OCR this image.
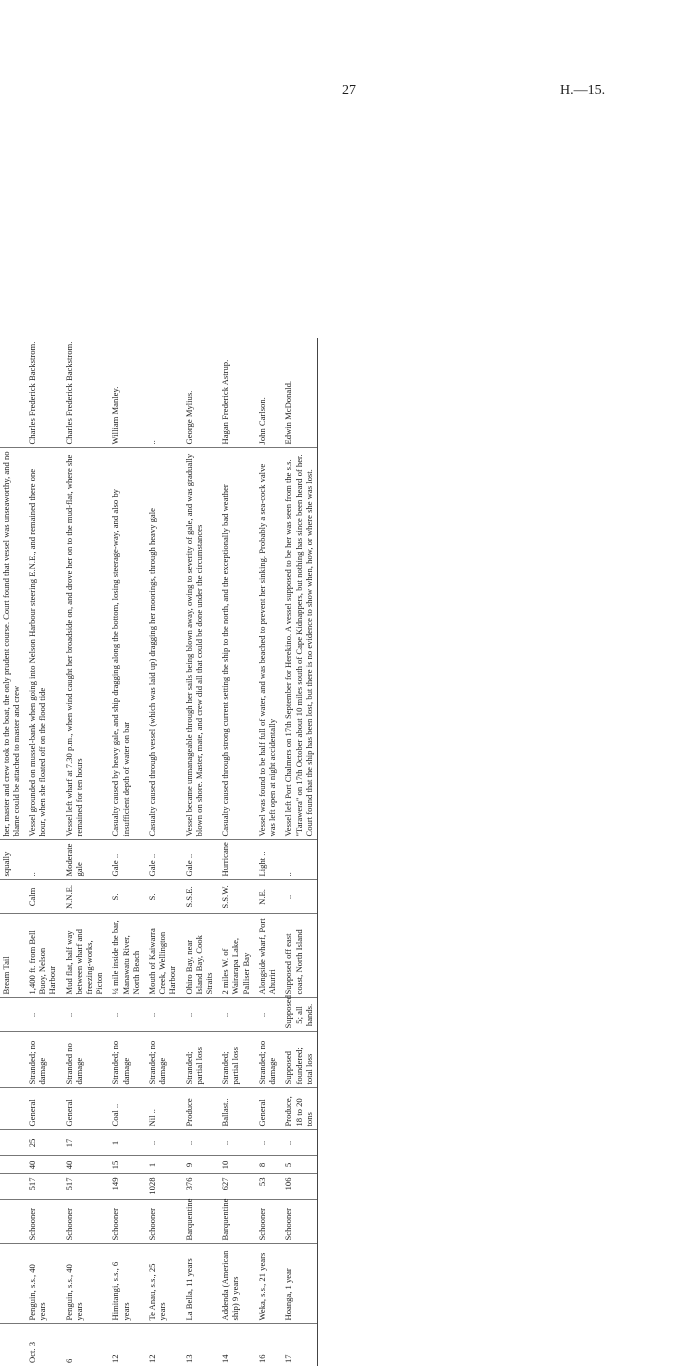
27	H.—15.

									Bream Tail		squally	her, master and crew took to the boat, the only prudent course. Court found that vessel was unseaworthy, and no blame could be attached to master and crew	
Oct. 3	Penguin, s.s., 40 years	Schooner	517	40	25	General	Stranded; no damage	..	1,400 ft. from Bell Buoy, Nelson Harbour	Calm	..	Vessel grounded on mussel-bank when going into Nelson Harbour steering E.N.E., and remained there one hour, when she floated off on the flood tide	Charles Frederick Backstrom.
6	Penguin, s.s., 40 years	Schooner	517	40	17	General	Stranded no damage	..	Mud flat, half way between wharf and freezing-works, Picton	N.N.E.	Moderate gale	Vessel left wharf at 7.30 p.m., when wind caught her broadside on, and drove her on to the mud-flat, where she remained for ten hours	Charles Frederick Backstrom.
12	Himitangi, s.s., 6 years	Schooner	149	15	1	Coal ..	Stranded; no damage	..	¼ mile inside the bar, Manawatu River, North Beach	S.	Gale ..	Casualty caused by heavy gale, and ship dragging along the bottom, losing steerage-way, and also by insufficient depth of water on bar	William Manley.
12	Te Anau, s.s., 25 years	Schooner	1028	1	..	Nil ..	Stranded; no damage	..	Mouth of Kaiwarra Creek, Wellington Harbour	S.	Gale ..	Casualty caused through vessel (which was laid up) dragging her moorings, through heavy gale	..
13	La Bella, 11 years	Barquentine	376	9	..	Produce	Stranded; partial loss	..	Ohiro Bay, near Island Bay, Cook Straits	S.S.E.	Gale ..	Vessel became unmanageable through her sails being blown away, owing to severity of gale, and was gradually blown on shore. Master, mate, and crew did all that could be done under the circumstances	George Mylius.
14	Addenda (American ship) 9 years	Barquentine	627	10	..	Ballast..	Stranded; partial loss	..	2 miles W. of Wairarapa Lake, Palliser Bay	S.S.W.	Hurricane	Casualty caused through strong current setting the ship to the north, and the exceptionally bad weather	Hagan Frederick Astrup.
16	Weka, s.s., 21 years	Schooner	53	8	..	General	Stranded; no damage	..	Alongside wharf, Port Ahuriri	N.E.	Light ..	Vessel was found to be half full of water, and was beached to prevent her sinking. Probably a sea-cock valve was left open at night accidentally	John Carlson.
17	Hoanga, 1 year	Schooner	106	5	..	Produce, 18 to 20 tons	Supposed foundered; total loss	Supposed 5; all hands.	Supposed off east coast, North Island	..	..	Vessel left Port Chalmers on 17th September for Herekino. A vessel supposed to be her was seen from the s.s. "Tarawera" on 17th October about 10 miles south of Cape Kidnappers, but nothing has since been heard of her. Court found that the ship has been lost, but there is no evidence to show when, how, or where she was lost.	Edwin McDonald.
